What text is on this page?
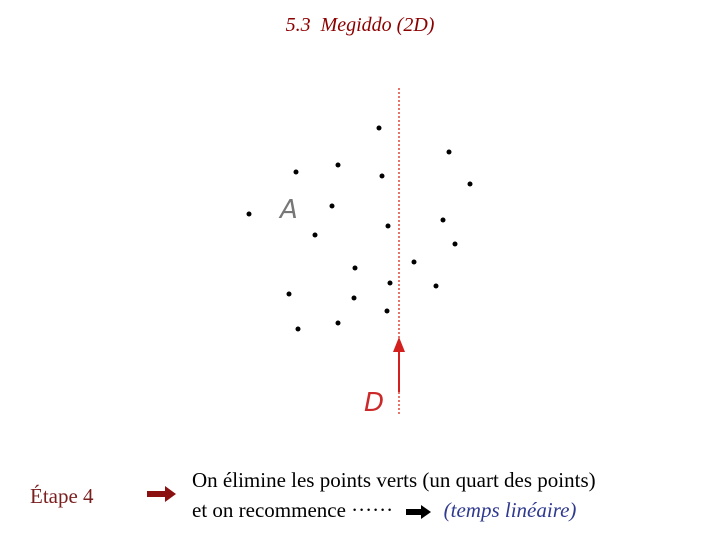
5.3 Megiddo (2D)
A
D
Étape 4
On élimine les points verts (un quart des points)
et on recommence ······ (temps linéaire)
